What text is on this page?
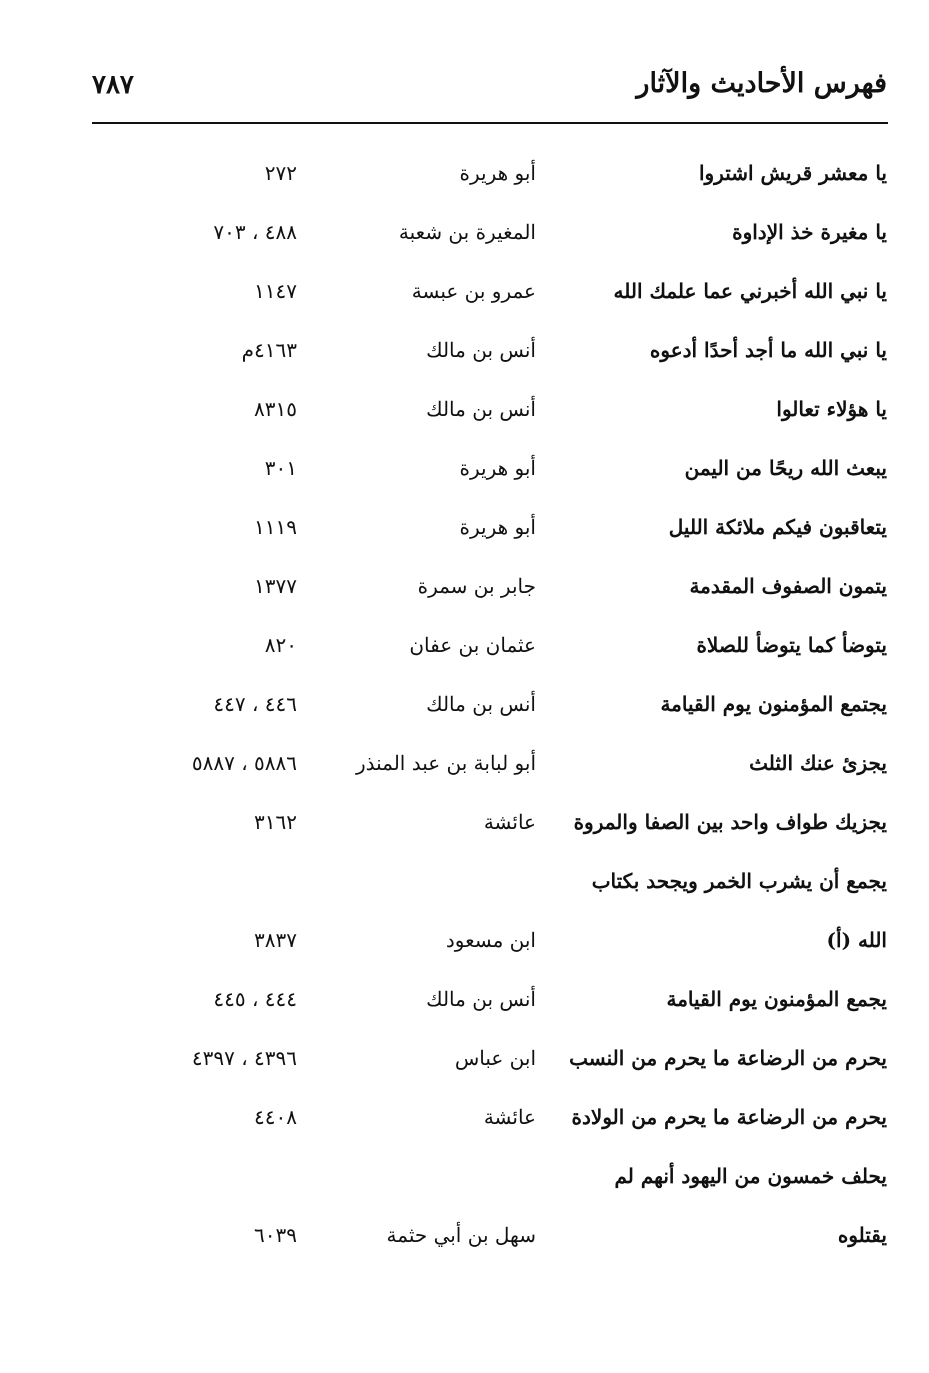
فهرس الأحاديث والآثار
٧٨٧
يا معشر قريش اشتروا
أبو هريرة
٢٧٢
يا مغيرة خذ الإداوة
المغيرة بن شعبة
٤٨٨ ، ٧٠٣
يا نبي الله أخبرني عما علمك الله
عمرو بن عبسة
١١٤٧
يا نبي الله ما أجد أحدًا أدعوه
أنس بن مالك
٤١٦٣م
يا هؤلاء تعالوا
أنس بن مالك
٨٣١٥
يبعث الله ريحًا من اليمن
أبو هريرة
٣٠١
يتعاقبون فيكم ملائكة الليل
أبو هريرة
١١١٩
يتمون الصفوف المقدمة
جابر بن سمرة
١٣٧٧
يتوضأ كما يتوضأ للصلاة
عثمان بن عفان
٨٢٠
يجتمع المؤمنون يوم القيامة
أنس بن مالك
٤٤٦ ، ٤٤٧
يجزئ عنك الثلث
أبو لبابة بن عبد المنذر
٥٨٨٦ ، ٥٨٨٧
يجزيك طواف واحد بين الصفا والمروة
عائشة
٣١٦٢
يجمع أن يشرب الخمر ويجحد بكتاب
الله (أ)
ابن مسعود
٣٨٣٧
يجمع المؤمنون يوم القيامة
أنس بن مالك
٤٤٤ ، ٤٤٥
يحرم من الرضاعة ما يحرم من النسب
ابن عباس
٤٣٩٦ ، ٤٣٩٧
يحرم من الرضاعة ما يحرم من الولادة
عائشة
٤٤٠٨
يحلف خمسون من اليهود أنهم لم
يقتلوه
سهل بن أبي حثمة
٦٠٣٩
